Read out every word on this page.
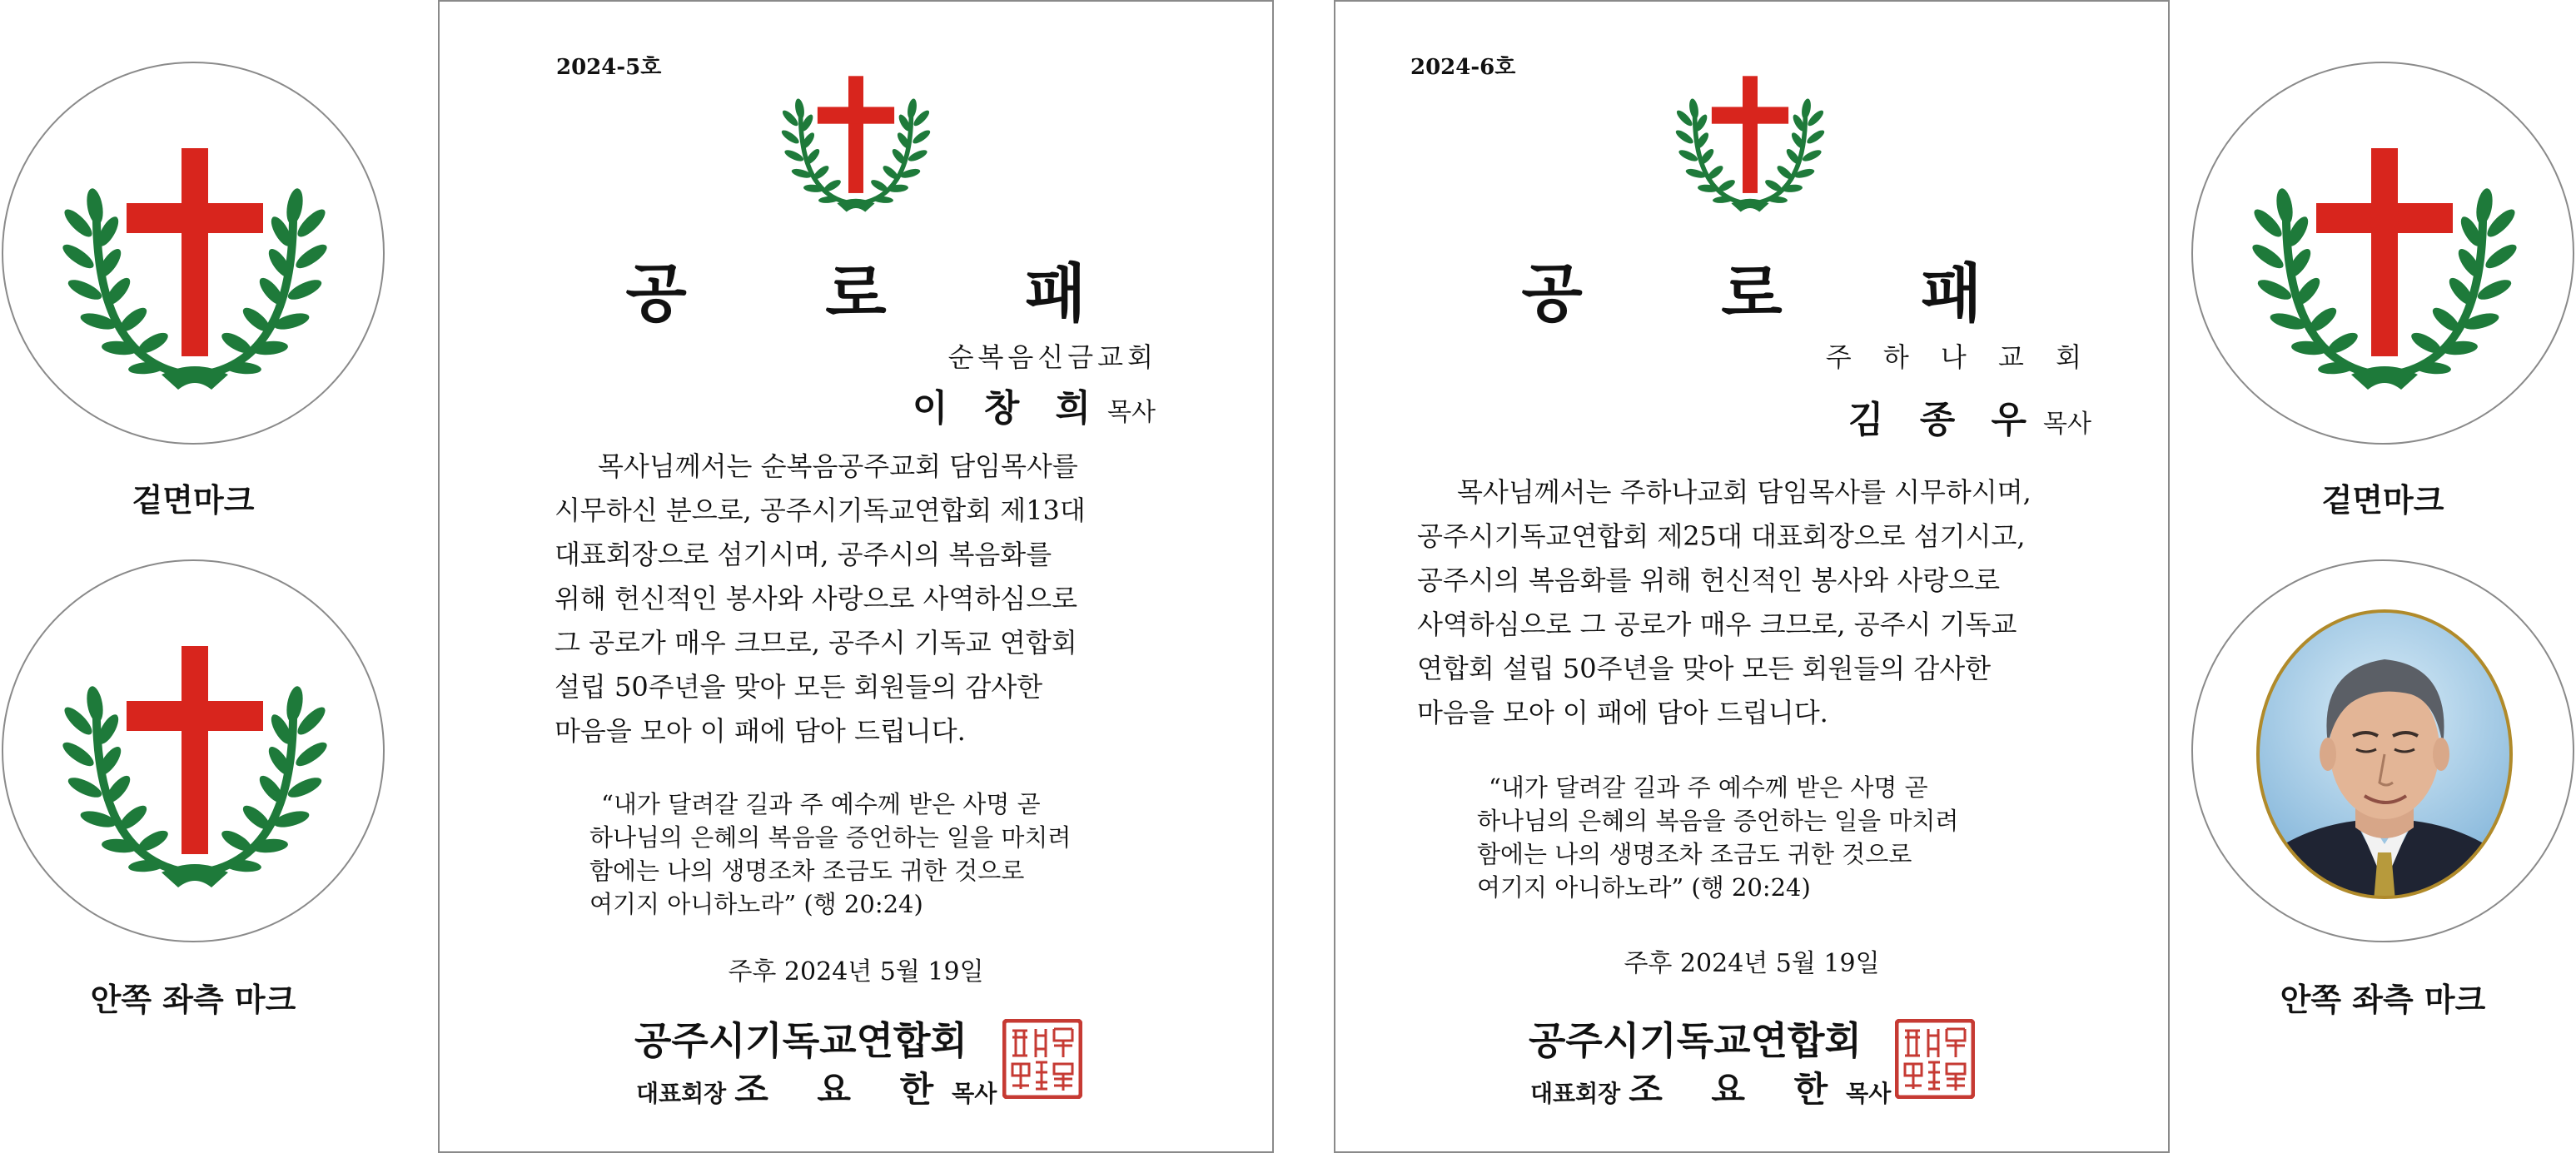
겉면마크
안쪽 좌측 마크
2024-5호
공 로 패
순복음신금교회
이 창 희 목사
목사님께서는 순복음공주교회 담임목사를
시무하신 분으로, 공주시기독교연합회 제13대
대표회장으로 섬기시며, 공주시의 복음화를
위해 헌신적인 봉사와 사랑으로 사역하심으로
그 공로가 매우 크므로, 공주시 기독교 연합회
설립 50주년을 맞아 모든 회원들의 감사한
마음을 모아 이 패에 담아 드립니다.
“내가 달려갈 길과 주 예수께 받은 사명 곧
하나님의 은혜의 복음을 증언하는 일을 마치려
함에는 나의 생명조차 조금도 귀한 것으로
여기지 아니하노라” (행 20:24)
주후 2024년 5월 19일
공주시기독교연합회
대표회장 조 요 한목사
2024-6호
공 로 패
주 하 나 교 회
김 종 우 목사
목사님께서는 주하나교회 담임목사를 시무하시며,
공주시기독교연합회 제25대 대표회장으로 섬기시고,
공주시의 복음화를 위해 헌신적인 봉사와 사랑으로
사역하심으로 그 공로가 매우 크므로, 공주시 기독교
연합회 설립 50주년을 맞아 모든 회원들의 감사한
마음을 모아 이 패에 담아 드립니다.
“내가 달려갈 길과 주 예수께 받은 사명 곧
하나님의 은혜의 복음을 증언하는 일을 마치려
함에는 나의 생명조차 조금도 귀한 것으로
여기지 아니하노라” (행 20:24)
주후 2024년 5월 19일
공주시기독교연합회
대표회장 조 요 한목사
겉면마크
안쪽 좌측 마크
